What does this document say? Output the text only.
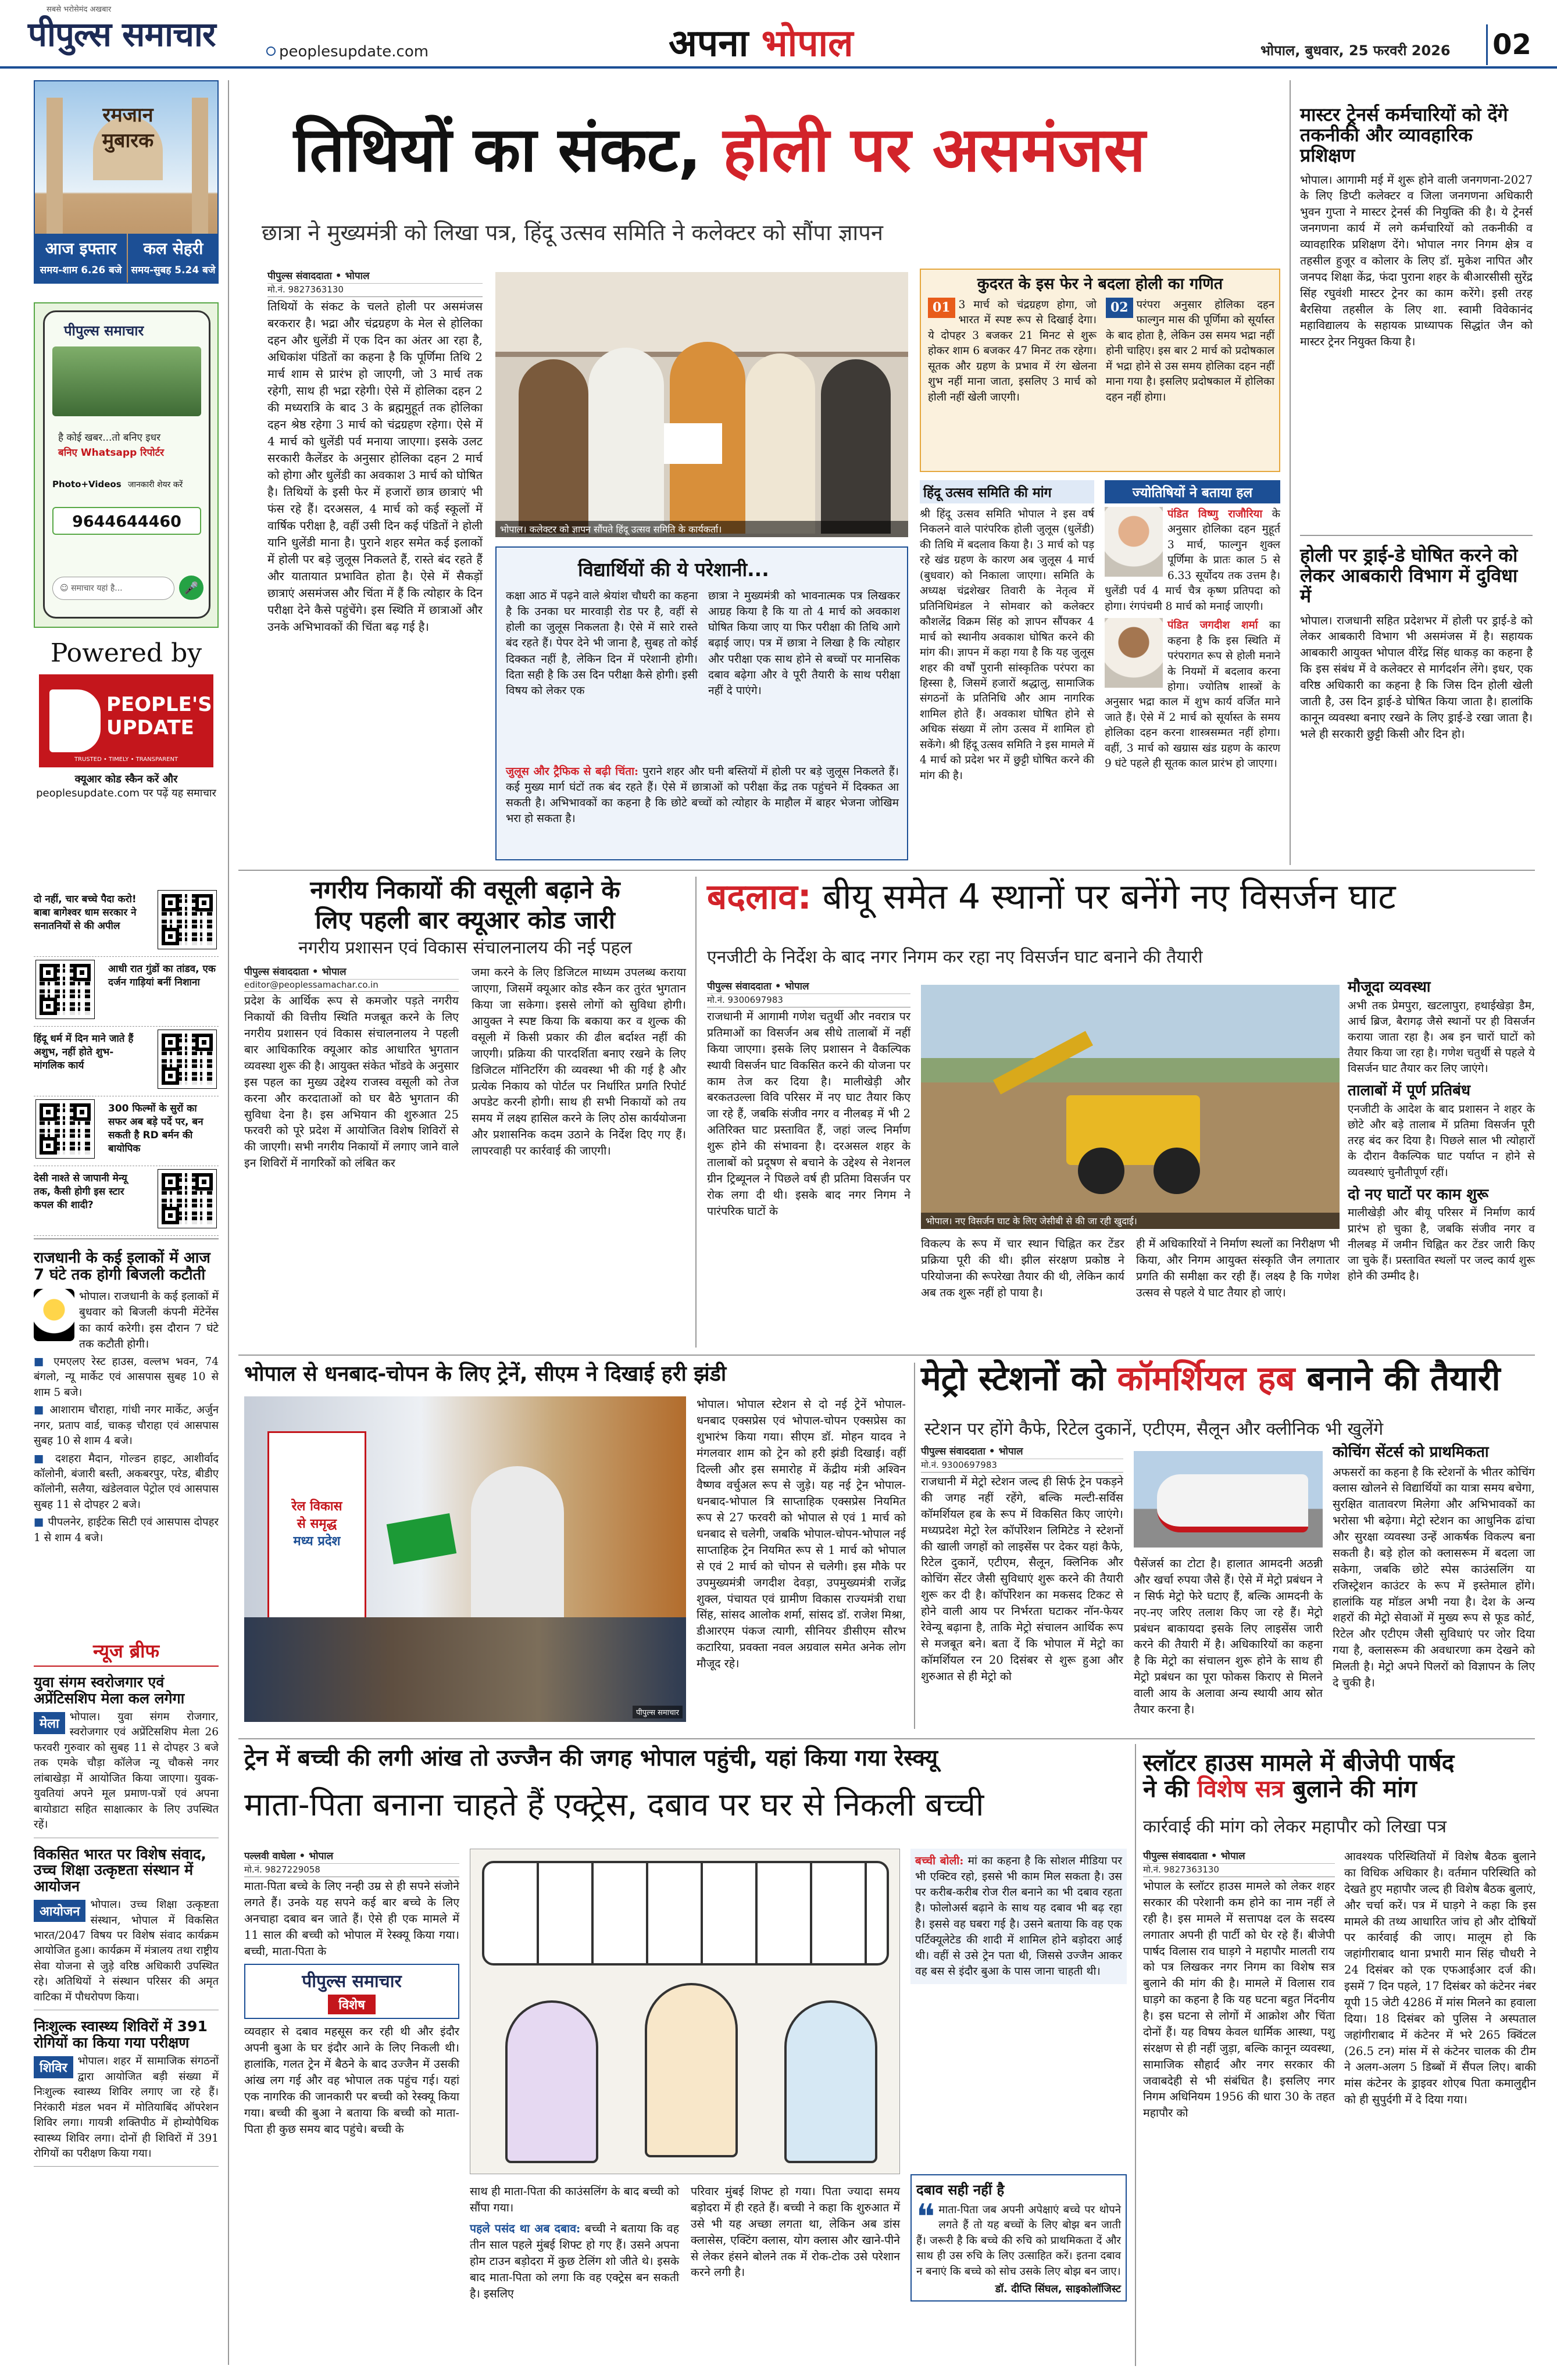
सबसे भरोसेमंद अखबार
पीपुल्स समाचार	peoplesupdate.com	अपना भोपाल	भोपाल, बुधवार, 25 फरवरी 2026 02
रमजान
मुबारक
आज इफ्तार
समय-शाम 6.26 बजे
कल सेहरी
समय-सुबह 5.24 बजे
पीपुल्स समाचार
है कोई खबर...तो बनिए इधर
बनिए Whatsapp रिपोर्टर
Photo+Videos जानकारी शेयर करें
9644644460
☺ समाचार यहां है...	🎤
Powered by
PEOPLE'S
UPDATE
TRUSTED • TIMELY • TRANSPARENT
क्यूआर कोड स्कैन करें और
peoplesupdate.com पर पढ़ें यह समाचार
दो नहीं, चार बच्चे पैदा करो! बाबा बागेश्वर धाम सरकार ने सनातनियों से की अपील
आधी रात गुंडों का तांडव, एक दर्जन गाड़ियां बनीं निशाना
हिंदू धर्म में दिन माने जाते हैं अशुभ, नहीं होते शुभ-मांगलिक कार्य
300 फिल्मों के सुरों का सफर अब बड़े पर्दे पर, बन सकती है RD बर्मन की बायोपिक
देसी नाश्ते से जापानी मेन्यू तक, कैसी होगी इस स्टार कपल की शादी?
राजधानी के कई इलाकों में आज 7 घंटे तक होगी बिजली कटौती
भोपाल। राजधानी के कई इलाकों में बुधवार को बिजली कंपनी मेंटेनेंस का कार्य करेगी। इस दौरान 7 घंटे तक कटौती होगी।
■ एमएलए रेस्ट हाउस, वल्लभ भवन, 74 बंगलो, न्यू मार्केट एवं आसपास सुबह 10 से शाम 5 बजे।
■ आशाराम चौराहा, गांधी नगर मार्केट, अर्जुन नगर, प्रताप वार्ड, चाकड़ चौराहा एवं आसपास सुबह 10 से शाम 4 बजे।
■ दशहरा मैदान, गोल्डन हाइट, आशीर्वाद कॉलोनी, बंजारी बस्ती, अकबरपुर, परेड, बीडीए कॉलोनी, सलैया, खंडेलवाल पेट्रोल एवं आसपास सुबह 11 से दोपहर 2 बजे।
■ पीपलनेर, हाईटेक सिटी एवं आसपास दोपहर 1 से शाम 4 बजे।
न्यूज ब्रीफ
युवा संगम स्वरोजगार एवं अप्रेंटिसशिप मेला कल लगेगा
मेला भोपाल। युवा संगम रोजगार, स्वरोजगार एवं अप्रेंटिसशिप मेला 26 फरवरी गुरुवार को सुबह 11 से दोपहर 3 बजे तक एमके चौड़ा कॉलेज न्यू चौकसे नगर लांबाखेड़ा में आयोजित किया जाएगा। युवक-युवतियां अपने मूल प्रमाण-पत्रों एवं अपना बायोडाटा सहित साक्षात्कार के लिए उपस्थित रहें।
विकसित भारत पर विशेष संवाद, उच्च शिक्षा उत्कृष्टता संस्थान में आयोजन
आयोजन भोपाल। उच्च शिक्षा उत्कृष्टता संस्थान, भोपाल में विकसित भारत/2047 विषय पर विशेष संवाद कार्यक्रम आयोजित हुआ। कार्यक्रम में मंत्रालय तथा राष्ट्रीय सेवा योजना से जुड़े वरिष्ठ अधिकारी उपस्थित रहे। अतिथियों ने संस्थान परिसर की अमृत वाटिका में पौधरोपण किया।
निःशुल्क स्वास्थ्य शिविरों में 391 रोगियों का किया गया परीक्षण
शिविर भोपाल। शहर में सामाजिक संगठनों द्वारा आयोजित बड़ी संख्या में निःशुल्क स्वास्थ्य शिविर लगाए जा रहे हैं। निरंकारी मंडल भवन में मोतियाबिंद ऑपरेशन शिविर लगा। गायत्री शक्तिपीठ में होम्योपैथिक स्वास्थ्य शिविर लगा। दोनों ही शिविरों में 391 रोगियों का परीक्षण किया गया।
तिथियों का संकट, होली पर असमंजस
छात्रा ने मुख्यमंत्री को लिखा पत्र, हिंदू उत्सव समिति ने कलेक्टर को सौंपा ज्ञापन
पीपुल्स संवाददाता • भोपाल
मो.नं. 9827363130
तिथियों के संकट के चलते होली पर असमंजस बरकरार है। भद्रा और चंद्रग्रहण के मेल से होलिका दहन और धुलेंडी में एक दिन का अंतर आ रहा है, अधिकांश पंडितों का कहना है कि पूर्णिमा तिथि 2 मार्च शाम से प्रारंभ हो जाएगी, जो 3 मार्च तक रहेगी, साथ ही भद्रा रहेगी। ऐसे में होलिका दहन 2 की मध्यरात्रि के बाद 3 के ब्रह्ममुहूर्त तक होलिका दहन श्रेष्ठ रहेगा 3 मार्च को चंद्रग्रहण रहेगा। ऐसे में 4 मार्च को धुलेंडी पर्व मनाया जाएगा। इसके उलट सरकारी कैलेंडर के अनुसार होलिका दहन 2 मार्च को होगा और धुलेंडी का अवकाश 3 मार्च को घोषित है। तिथियों के इसी फेर में हजारों छात्र छात्राएं भी फंस रहे हैं। दरअसल, 4 मार्च को कई स्कूलों में वार्षिक परीक्षा है, वहीं उसी दिन कई पंडितों ने होली यानि धुलेंडी माना है। पुराने शहर समेत कई इलाकों में होली पर बड़े जुलूस निकलते हैं, रास्ते बंद रहते हैं और यातायात प्रभावित होता है। ऐसे में सैकड़ों छात्राएं असमंजस और चिंता में हैं कि त्योहार के दिन परीक्षा देने कैसे पहुंचेंगे। इस स्थिति में छात्राओं और उनके अभिभावकों की चिंता बढ़ गई है।
भोपाल। कलेक्टर को ज्ञापन सौंपते हिंदू उत्सव समिति के कार्यकर्ता।
विद्यार्थियों की ये परेशानी...
कक्षा आठ में पढ़ने वाले श्रेयांश चौधरी का कहना है कि उनका घर मारवाड़ी रोड पर है, वहीं से होली का जुलूस निकलता है। ऐसे में सारे रास्ते बंद रहते हैं। पेपर देने भी जाना है, सुबह तो कोई दिक्कत नहीं है, लेकिन दिन में परेशानी होगी। दिता सही है कि उस दिन परीक्षा कैसे होगी। इसी विषय को लेकर एक
छात्रा ने मुख्यमंत्री को भावनात्मक पत्र लिखकर आग्रह किया है कि या तो 4 मार्च को अवकाश घोषित किया जाए या फिर परीक्षा की तिथि आगे बढ़ाई जाए। पत्र में छात्रा ने लिखा है कि त्योहार और परीक्षा एक साथ होने से बच्चों पर मानसिक दबाव बढ़ेगा और वे पूरी तैयारी के साथ परीक्षा नहीं दे पाएंगे।
जुलूस और ट्रैफिक से बढ़ी चिंता: पुराने शहर और घनी बस्तियों में होली पर बड़े जुलूस निकलते हैं। कई मुख्य मार्ग घंटों तक बंद रहते हैं। ऐसे में छात्राओं को परीक्षा केंद्र तक पहुंचने में दिक्कत आ सकती है। अभिभावकों का कहना है कि छोटे बच्चों को त्योहार के माहौल में बाहर भेजना जोखिम भरा हो सकता है।
कुदरत के इस फेर ने बदला होली का गणित
01 3 मार्च को चंद्रग्रहण होगा, जो भारत में स्पष्ट रूप से दिखाई देगा। ये दोपहर 3 बजकर 21 मिनट से शुरू होकर शाम 6 बजकर 47 मिनट तक रहेगा। सूतक और ग्रहण के प्रभाव में रंग खेलना शुभ नहीं माना जाता, इसलिए 3 मार्च को होली नहीं खेली जाएगी।
02 परंपरा अनुसार होलिका दहन फाल्गुन मास की पूर्णिमा को सूर्यास्त के बाद होता है, लेकिन उस समय भद्रा नहीं होनी चाहिए। इस बार 2 मार्च को प्रदोषकाल में भद्रा होने से उस समय होलिका दहन नहीं माना गया है। इसलिए प्रदोषकाल में होलिका दहन नहीं होगा।
हिंदू उत्सव समिति की मांग
श्री हिंदू उत्सव समिति भोपाल ने इस वर्ष निकलने वाले पारंपरिक होली जुलूस (धुलेंडी) की तिथि में बदलाव किया है। 3 मार्च को पड़ रहे खंड ग्रहण के कारण अब जुलूस 4 मार्च (बुधवार) को निकाला जाएगा। समिति के अध्यक्ष चंद्रशेखर तिवारी के नेतृत्व में प्रतिनिधिमंडल ने सोमवार को कलेक्टर कौशलेंद्र विक्रम सिंह को ज्ञापन सौंपकर 4 मार्च को स्थानीय अवकाश घोषित करने की मांग की। ज्ञापन में कहा गया है कि यह जुलूस शहर की वर्षों पुरानी सांस्कृतिक परंपरा का हिस्सा है, जिसमें हजारों श्रद्धालु, सामाजिक संगठनों के प्रतिनिधि और आम नागरिक शामिल होते हैं। अवकाश घोषित होने से अधिक संख्या में लोग उत्सव में शामिल हो सकेंगे। श्री हिंदू उत्सव समिति ने इस मामले में 4 मार्च को प्रदेश भर में छुट्टी घोषित करने की मांग की है।
ज्योतिषियों ने बताया हल
पंडित विष्णु राजौरिया के अनुसार होलिका दहन मुहूर्त 3 मार्च, फाल्गुन शुक्ल पूर्णिमा के प्रातः काल 5 से 6.33 सूर्योदय तक उत्तम है। धुलेंडी पर्व 4 मार्च चैत्र कृष्ण प्रतिपदा को होगा। रंगपंचमी 8 मार्च को मनाई जाएगी।
पंडित जगदीश शर्मा का कहना है कि इस स्थिति में परंपरागत रूप से होली मनाने के नियमों में बदलाव करना होगा। ज्योतिष शास्त्रों के अनुसार भद्रा काल में शुभ कार्य वर्जित माने जाते हैं। ऐसे में 2 मार्च को सूर्यास्त के समय होलिका दहन करना शास्त्रसम्मत नहीं होगा। वहीं, 3 मार्च को खग्रास खंड ग्रहण के कारण 9 घंटे पहले ही सूतक काल प्रारंभ हो जाएगा।
मास्टर ट्रेनर्स कर्मचारियों को देंगे तकनीकी और व्यावहारिक प्रशिक्षण
भोपाल। आगामी मई में शुरू होने वाली जनगणना-2027 के लिए डिप्टी कलेक्टर व जिला जनगणना अधिकारी भुवन गुप्ता ने मास्टर ट्रेनर्स की नियुक्ति की है। ये ट्रेनर्स जनगणना कार्य में लगे कर्मचारियों को तकनीकी व व्यावहारिक प्रशिक्षण देंगे। भोपाल नगर निगम क्षेत्र व तहसील हुजूर व कोलार के लिए डॉ. मुकेश नापित और जनपद शिक्षा केंद्र, फंदा पुराना शहर के बीआरसीसी सुरेंद्र सिंह रघुवंशी मास्टर ट्रेनर का काम करेंगे। इसी तरह बैरसिया तहसील के लिए शा. स्वामी विवेकानंद महाविद्यालय के सहायक प्राध्यापक सिद्धांत जैन को मास्टर ट्रेनर नियुक्त किया है।
होली पर ड्राई-डे घोषित करने को लेकर आबकारी विभाग में दुविधा में
भोपाल। राजधानी सहित प्रदेशभर में होली पर ड्राई-डे को लेकर आबकारी विभाग भी असमंजस में है। सहायक आबकारी आयुक्त भोपाल वीरेंद्र सिंह धाकड़ का कहना है कि इस संबंध में वे कलेक्टर से मार्गदर्शन लेंगे। इधर, एक वरिष्ठ अधिकारी का कहना है कि जिस दिन होली खेली जाती है, उस दिन ड्राई-डे घोषित किया जाता है। हालांकि कानून व्यवस्था बनाए रखने के लिए ड्राई-डे रखा जाता है। भले ही सरकारी छुट्टी किसी और दिन हो।
नगरीय निकायों की वसूली बढ़ाने के
लिए पहली बार क्यूआर कोड जारी
नगरीय प्रशासन एवं विकास संचालनालय की नई पहल
पीपुल्स संवाददाता • भोपाल
editor@peoplessamachar.co.in
प्रदेश के आर्थिक रूप से कमजोर पड़ते नगरीय निकायों की वित्तीय स्थिति मजबूत करने के लिए नगरीय प्रशासन एवं विकास संचालनालय ने पहली बार आधिकारिक क्यूआर कोड आधारित भुगतान व्यवस्था शुरू की है। आयुक्त संकेत भोंडवे के अनुसार इस पहल का मुख्य उद्देश्य राजस्व वसूली को तेज करना और करदाताओं को घर बैठे भुगतान की सुविधा देना है। इस अभियान की शुरुआत 25 फरवरी को पूरे प्रदेश में आयोजित विशेष शिविरों से की जाएगी। सभी नगरीय निकायों में लगाए जाने वाले इन शिविरों में नागरिकों को लंबित कर
जमा करने के लिए डिजिटल माध्यम उपलब्ध कराया जाएगा, जिसमें क्यूआर कोड स्कैन कर तुरंत भुगतान किया जा सकेगा। इससे लोगों को सुविधा होगी। आयुक्त ने स्पष्ट किया कि बकाया कर व शुल्क की वसूली में किसी प्रकार की ढील बर्दाश्त नहीं की जाएगी। प्रक्रिया की पारदर्शिता बनाए रखने के लिए डिजिटल मॉनिटरिंग की व्यवस्था भी की गई है और प्रत्येक निकाय को पोर्टल पर निर्धारित प्रगति रिपोर्ट अपडेट करनी होगी। साथ ही सभी निकायों को तय समय में लक्ष्य हासिल करने के लिए ठोस कार्ययोजना और प्रशासनिक कदम उठाने के निर्देश दिए गए हैं। लापरवाही पर कार्रवाई की जाएगी।
बदलाव: बीयू समेत 4 स्थानों पर बनेंगे नए विसर्जन घाट
एनजीटी के निर्देश के बाद नगर निगम कर रहा नए विसर्जन घाट बनाने की तैयारी
पीपुल्स संवाददाता • भोपाल
मो.नं. 9300697983
राजधानी में आगामी गणेश चतुर्थी और नवरात्र पर प्रतिमाओं का विसर्जन अब सीधे तालाबों में नहीं किया जाएगा। इसके लिए प्रशासन ने वैकल्पिक स्थायी विसर्जन घाट विकसित करने की योजना पर काम तेज कर दिया है। मालीखेड़ी और बरकतउल्ला विवि परिसर में नए घाट तैयार किए जा रहे हैं, जबकि संजीव नगर व नीलबड़ में भी 2 अतिरिक्त घाट प्रस्तावित हैं, जहां जल्द निर्माण शुरू होने की संभावना है। दरअसल शहर के तालाबों को प्रदूषण से बचाने के उद्देश्य से नेशनल ग्रीन ट्रिब्यूनल ने पिछले वर्ष ही प्रतिमा विसर्जन पर रोक लगा दी थी। इसके बाद नगर निगम ने पारंपरिक घाटों के
भोपाल। नए विसर्जन घाट के लिए जेसीबी से की जा रही खुदाई।
विकल्प के रूप में चार स्थान चिह्नित कर टेंडर प्रक्रिया पूरी की थी। झील संरक्षण प्रकोष्ठ ने परियोजना की रूपरेखा तैयार की थी, लेकिन कार्य अब तक शुरू नहीं हो पाया है।
ही में अधिकारियों ने निर्माण स्थलों का निरीक्षण भी किया, और निगम आयुक्त संस्कृति जैन लगातार प्रगति की समीक्षा कर रही हैं। लक्ष्य है कि गणेश उत्सव से पहले ये घाट तैयार हो जाएं।
मौजूदा व्यवस्था
अभी तक प्रेमपुरा, खटलापुरा, हथाईखेड़ा डैम, आर्च ब्रिज, बैरागढ़ जैसे स्थानों पर ही विसर्जन कराया जाता रहा है। अब इन चारों घाटों को तैयार किया जा रहा है। गणेश चतुर्थी से पहले ये विसर्जन घाट तैयार कर लिए जाएंगे।
तालाबों में पूर्ण प्रतिबंध
एनजीटी के आदेश के बाद प्रशासन ने शहर के छोटे और बड़े तालाब में प्रतिमा विसर्जन पूरी तरह बंद कर दिया है। पिछले साल भी त्योहारों के दौरान वैकल्पिक घाट पर्याप्त न होने से व्यवस्थाएं चुनौतीपूर्ण रहीं।
दो नए घाटों पर काम शुरू
मालीखेड़ी और बीयू परिसर में निर्माण कार्य प्रारंभ हो चुका है, जबकि संजीव नगर व नीलबड़ में जमीन चिह्नित कर टेंडर जारी किए जा चुके हैं। प्रस्तावित स्थलों पर जल्द कार्य शुरू होने की उम्मीद है।
भोपाल से धनबाद-चोपन के लिए ट्रेनें, सीएम ने दिखाई हरी झंडी
रेल विकास
से समृद्ध
मध्य प्रदेश
पीपुल्स समाचार
भोपाल। भोपाल स्टेशन से दो नई ट्रेनें भोपाल-धनबाद एक्सप्रेस एवं भोपाल-चोपन एक्सप्रेस का शुभारंभ किया गया। सीएम डॉ. मोहन यादव ने मंगलवार शाम को ट्रेन को हरी झंडी दिखाई। वहीं दिल्ली और इस समारोह में केंद्रीय मंत्री अश्विन वैष्णव वर्चुअल रूप से जुड़े। यह नई ट्रेन भोपाल-धनबाद-भोपाल त्रि साप्ताहिक एक्सप्रेस नियमित रूप से 27 फरवरी को भोपाल से एवं 1 मार्च को धनबाद से चलेगी, जबकि भोपाल-चोपन-भोपाल नई साप्ताहिक ट्रेन नियमित रूप से 1 मार्च को भोपाल से एवं 2 मार्च को चोपन से चलेगी। इस मौके पर उपमुख्यमंत्री जगदीश देवड़ा, उपमुख्यमंत्री राजेंद्र शुक्ल, पंचायत एवं ग्रामीण विकास राज्यमंत्री राधा सिंह, सांसद आलोक शर्मा, सांसद डॉ. राजेश मिश्रा, डीआरएम पंकज त्यागी, सीनियर डीसीएम सौरभ कटारिया, प्रवक्ता नवल अग्रवाल समेत अनेक लोग मौजूद रहे।
मेट्रो स्टेशनों को कॉमर्शियल हब बनाने की तैयारी
स्टेशन पर होंगे कैफे, रिटेल दुकानें, एटीएम, सैलून और क्लीनिक भी खुलेंगे
पीपुल्स संवाददाता • भोपाल
मो.नं. 9300697983
राजधानी में मेट्रो स्टेशन जल्द ही सिर्फ ट्रेन पकड़ने की जगह नहीं रहेंगे, बल्कि मल्टी-सर्विस कॉमर्शियल हब के रूप में विकसित किए जाएंगे। मध्यप्रदेश मेट्रो रेल कॉर्पोरेशन लिमिटेड ने स्टेशनों की खाली जगहों को लाइसेंस पर देकर यहां कैफे, रिटेल दुकानें, एटीएम, सैलून, क्लिनिक और कोचिंग सेंटर जैसी सुविधाएं शुरू करने की तैयारी शुरू कर दी है। कॉर्पोरेशन का मकसद टिकट से होने वाली आय पर निर्भरता घटाकर नॉन-फेयर रेवेन्यू बढ़ाना है, ताकि मेट्रो संचालन आर्थिक रूप से मजबूत बने। बता दें कि भोपाल में मेट्रो का कॉमर्शियल रन 20 दिसंबर से शुरू हुआ और शुरुआत से ही मेट्रो को
पैसेंजर्स का टोटा है। हालात आमदनी अठन्नी और खर्चा रुपया जैसे हैं। ऐसे में मेट्रो प्रबंधन ने न सिर्फ मेट्रो फेरे घटाए हैं, बल्कि आमदनी के नए-नए जरिए तलाश किए जा रहे हैं। मेट्रो प्रबंधन बाकायदा इसके लिए लाइसेंस जारी करने की तैयारी में है। अधिकारियों का कहना है कि मेट्रो का संचालन शुरू होने के साथ ही मेट्रो प्रबंधन का पूरा फोकस किराए से मिलने वाली आय के अलावा अन्य स्थायी आय स्रोत तैयार करना है।
कोचिंग सेंटर्स को प्राथमिकता
अफसरों का कहना है कि स्टेशनों के भीतर कोचिंग क्लास खोलने से विद्यार्थियों का यात्रा समय बचेगा, सुरक्षित वातावरण मिलेगा और अभिभावकों का भरोसा भी बढ़ेगा। मेट्रो स्टेशन का आधुनिक ढांचा और सुरक्षा व्यवस्था उन्हें आकर्षक विकल्प बना सकती है। बड़े होल को क्लासरूम में बदला जा सकेगा, जबकि छोटे स्पेस काउंसलिंग या रजिस्ट्रेशन काउंटर के रूप में इस्तेमाल होंगे। हालांकि यह मॉडल अभी नया है। देश के अन्य शहरों की मेट्रो सेवाओं में मुख्य रूप से फूड कोर्ट, रिटेल और एटीएम जैसी सुविधाएं पर जोर दिया गया है, क्लासरूम की अवधारणा कम देखने को मिलती है। मेट्रो अपने पिलरों को विज्ञापन के लिए दे चुकी है।
ट्रेन में बच्ची की लगी आंख तो उज्जैन की जगह भोपाल पहुंची, यहां किया गया रेस्क्यू
माता-पिता बनाना चाहते हैं एक्ट्रेस, दबाव पर घर से निकली बच्ची
पल्लवी वाघेला • भोपाल
मो.नं. 9827229058
माता-पिता बच्चे के लिए नन्ही उम्र से ही सपने संजोने लगते हैं। उनके यह सपने कई बार बच्चे के लिए अनचाहा दबाव बन जाते हैं। ऐसे ही एक मामले में 11 साल की बच्ची को भोपाल में रेस्क्यू किया गया। बच्ची, माता-पिता के
पीपुल्स समाचार
विशेष
व्यवहार से दबाव महसूस कर रही थी और इंदौर अपनी बुआ के घर इंदौर आने के लिए निकली थी। हालांकि, गलत ट्रेन में बैठने के बाद उज्जैन में उसकी आंख लग गई और वह भोपाल तक पहुंच गई। यहां एक नागरिक की जानकारी पर बच्ची को रेस्क्यू किया गया। बच्ची की बुआ ने बताया कि बच्ची को माता-पिता ही कुछ समय बाद पहुंचे। बच्ची के
साथ ही माता-पिता की काउंसलिंग के बाद बच्ची को सौंपा गया।
पहले पसंद था अब दबाव: बच्ची ने बताया कि वह तीन साल पहले मुंबई शिफ्ट हो गए हैं। उसने अपना होम टाउन बड़ोदरा में कुछ टेलिंग शो जीते थे। इसके बाद माता-पिता को लगा कि वह एक्ट्रेस बन सकती है। इसलिए
परिवार मुंबई शिफ्ट हो गया। पिता ज्यादा समय बड़ोदरा में ही रहते हैं। बच्ची ने कहा कि शुरुआत में उसे भी यह अच्छा लगता था, लेकिन अब डांस क्लासेस, एक्टिंग क्लास, योग क्लास और खाने-पीने से लेकर हंसने बोलने तक में रोक-टोक उसे परेशान करने लगी है।
बच्ची बोली: मां का कहना है कि सोशल मीडिया पर भी एक्टिव रहो, इससे भी काम मिल सकता है। उस पर करीब-करीब रोज रील बनाने का भी दबाव रहता है। फोलोअर्स बढ़ाने के साथ यह दबाव भी बढ़ रहा है। इससे वह घबरा गई है। उसने बताया कि वह एक पर्टिक्यूलेटेड की शादी में शामिल होने बड़ोदरा आई थी। वहीं से उसे ट्रेन पता थी, जिससे उज्जैन आकर वह बस से इंदौर बुआ के पास जाना चाहती थी।
दबाव सही नहीं है
❝ माता-पिता जब अपनी अपेक्षाएं बच्चे पर थोपने लगते हैं तो यह बच्चों के लिए बोझ बन जाती हैं। जरूरी है कि बच्चे की रुचि को प्राथमिकता दें और साथ ही उस रुचि के लिए उत्साहित करें। इतना दबाव न बनाएं कि बच्चे को सोच उसके लिए बोझ बन जाए।
डॉ. दीप्ति सिंघल, साइकोलॉजिस्ट
स्लॉटर हाउस मामले में बीजेपी पार्षद
ने की विशेष सत्र बुलाने की मांग
कार्रवाई की मांग को लेकर महापौर को लिखा पत्र
पीपुल्स संवाददाता • भोपाल
मो.नं. 9827363130
भोपाल के स्लॉटर हाउस मामले को लेकर शहर सरकार की परेशानी कम होने का नाम नहीं ले रही है। इस मामले में सत्तापक्ष दल के सदस्य लगातार अपनी ही पार्टी को घेर रहे हैं। बीजेपी पार्षद विलास राव घाड़गे ने महापौर मालती राय को पत्र लिखकर नगर निगम का विशेष सत्र बुलाने की मांग की है। मामले में विलास राव घाड़गे का कहना है कि यह घटना बहुत निंदनीय है। इस घटना से लोगों में आक्रोश और चिंता दोनों हैं। यह विषय केवल धार्मिक आस्था, पशु संरक्षण से ही नहीं जुड़ा, बल्कि कानून व्यवस्था, सामाजिक सौहार्द और नगर सरकार की जवाबदेही से भी संबंधित है। इसलिए नगर निगम अधिनियम 1956 की धारा 30 के तहत महापौर को
आवश्यक परिस्थितियों में विशेष बैठक बुलाने का विधिक अधिकार है। वर्तमान परिस्थिति को देखते हुए महापौर जल्द ही विशेष बैठक बुलाएं, और चर्चा करें। पत्र में घाड़गे ने कहा कि इस मामले की तथ्य आधारित जांच हो और दोषियों पर कार्रवाई की जाए। मालूम हो कि जहांगीराबाद थाना प्रभारी मान सिंह चौधरी ने 24 दिसंबर को एक एफआईआर दर्ज की। इसमें 7 दिन पहले, 17 दिसंबर को कंटेनर नंबर यूपी 15 जेटी 4286 में मांस मिलने का हवाला दिया। 18 दिसंबर को पुलिस ने अस्पताल जहांगीराबाद में कंटेनर में भरे 265 क्विंटल (26.5 टन) मांस में से कंटेनर चालक की टीम ने अलग-अलग 5 डिब्बों में सैंपल लिए। बाकी मांस कंटेनर के ड्राइवर शोएब पिता कमालुद्दीन को ही सुपुर्दगी में दे दिया गया।
